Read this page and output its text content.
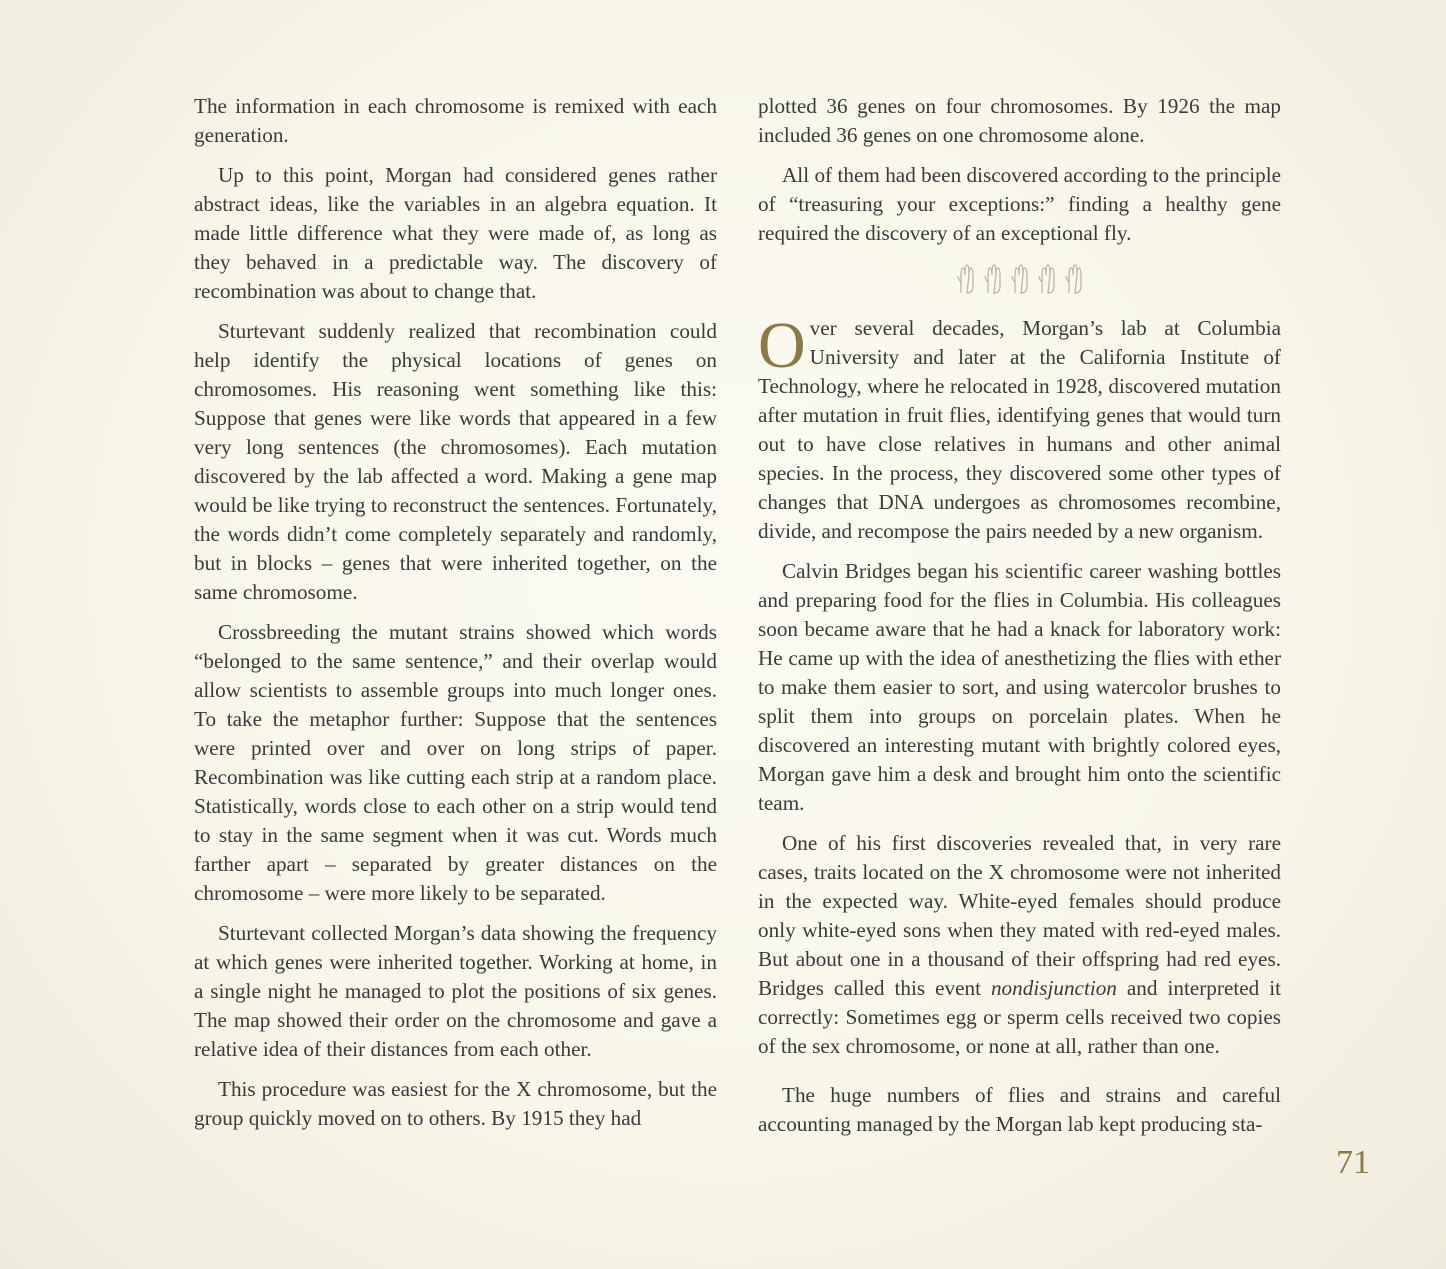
The information in each chromosome is remixed with each generation.

Up to this point, Morgan had considered genes rather abstract ideas, like the variables in an algebra equation. It made little difference what they were made of, as long as they behaved in a predictable way. The discovery of recombination was about to change that.

Sturtevant suddenly realized that recombination could help identify the physical locations of genes on chromosomes. His reasoning went something like this: Suppose that genes were like words that appeared in a few very long sentences (the chromosomes). Each mutation discovered by the lab affected a word. Making a gene map would be like trying to reconstruct the sentences. Fortunately, the words didn’t come completely separately and randomly, but in blocks – genes that were inherited together, on the same chromosome.

Crossbreeding the mutant strains showed which words “belonged to the same sentence,” and their overlap would allow scientists to assemble groups into much longer ones. To take the metaphor further: Suppose that the sentences were printed over and over on long strips of paper. Recombination was like cutting each strip at a random place. Statistically, words close to each other on a strip would tend to stay in the same segment when it was cut. Words much farther apart – separated by greater distances on the chromosome – were more likely to be separated.

Sturtevant collected Morgan’s data showing the frequency at which genes were inherited together. Working at home, in a single night he managed to plot the positions of six genes. The map showed their order on the chromosome and gave a relative idea of their distances from each other.

This procedure was easiest for the X chromosome, but the group quickly moved on to others. By 1915 they had

plotted 36 genes on four chromosomes. By 1926 the map included 36 genes on one chromosome alone.

All of them had been discovered according to the principle of “treasuring your exceptions:” finding a healthy gene required the discovery of an exceptional fly.

Over several decades, Morgan’s lab at Columbia University and later at the California Institute of Technology, where he relocated in 1928, discovered mutation after mutation in fruit flies, identifying genes that would turn out to have close relatives in humans and other animal species. In the process, they discovered some other types of changes that DNA undergoes as chromosomes recombine, divide, and recompose the pairs needed by a new organism.

Calvin Bridges began his scientific career washing bottles and preparing food for the flies in Columbia. His colleagues soon became aware that he had a knack for laboratory work: He came up with the idea of anesthetizing the flies with ether to make them easier to sort, and using watercolor brushes to split them into groups on porcelain plates. When he discovered an interesting mutant with brightly colored eyes, Morgan gave him a desk and brought him onto the scientific team.

One of his first discoveries revealed that, in very rare cases, traits located on the X chromosome were not inherited in the expected way. White-eyed females should produce only white-eyed sons when they mated with red-eyed males. But about one in a thousand of their offspring had red eyes. Bridges called this event nondisjunction and interpreted it correctly: Sometimes egg or sperm cells received two copies of the sex chromosome, or none at all, rather than one.

The huge numbers of flies and strains and careful accounting managed by the Morgan lab kept producing sta-

71
